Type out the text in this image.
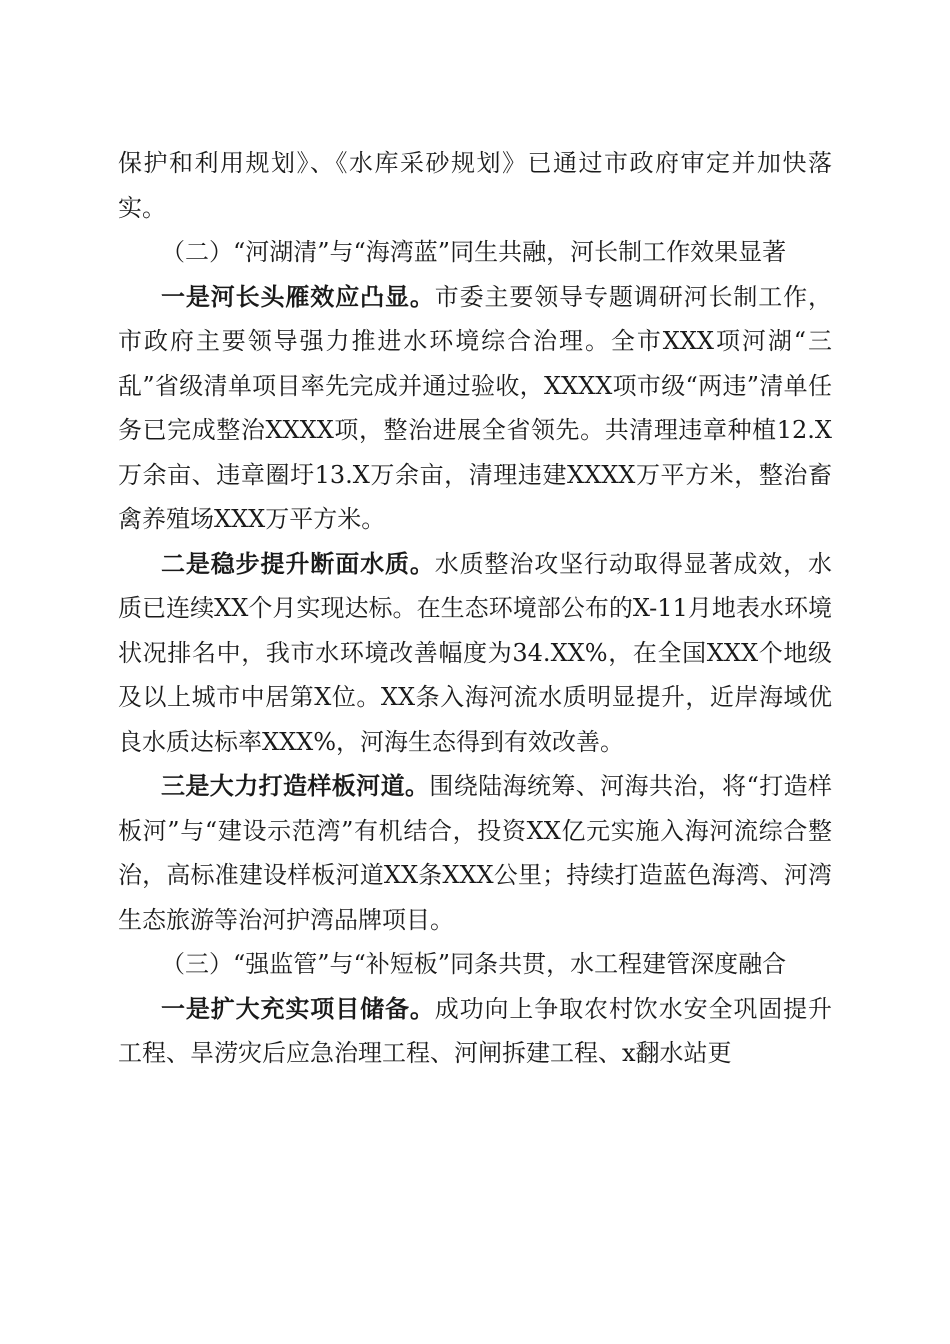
保护和利用规划》、《水库采砂规划》已通过市政府审定并加快落实。

（二）“河湖清”与“海湾蓝”同生共融，河长制工作效果显著

一是河长头雁效应凸显。市委主要领导专题调研河长制工作，市政府主要领导强力推进水环境综合治理。全市XXX项河湖“三乱”省级清单项目率先完成并通过验收，XXXX项市级“两违”清单任务已完成整治XXXX项，整治进展全省领先。共清理违章种植12.X万余亩、违章圈圩13.X万余亩，清理违建XXXX万平方米，整治畜禽养殖场XXX万平方米。

二是稳步提升断面水质。水质整治攻坚行动取得显著成效，水质已连续XX个月实现达标。在生态环境部公布的X-11月地表水环境状况排名中，我市水环境改善幅度为34.XX%，在全国XXX个地级及以上城市中居第X位。XX条入海河流水质明显提升，近岸海域优良水质达标率XXX%，河海生态得到有效改善。

三是大力打造样板河道。围绕陆海统筹、河海共治，将“打造样板河”与“建设示范湾”有机结合，投资XX亿元实施入海河流综合整治，高标准建设样板河道XX条XXX公里；持续打造蓝色海湾、河湾生态旅游等治河护湾品牌项目。

（三）“强监管”与“补短板”同条共贯，水工程建管深度融合

一是扩大充实项目储备。成功向上争取农村饮水安全巩固提升工程、旱涝灾后应急治理工程、河闸拆建工程、x翻水站更
